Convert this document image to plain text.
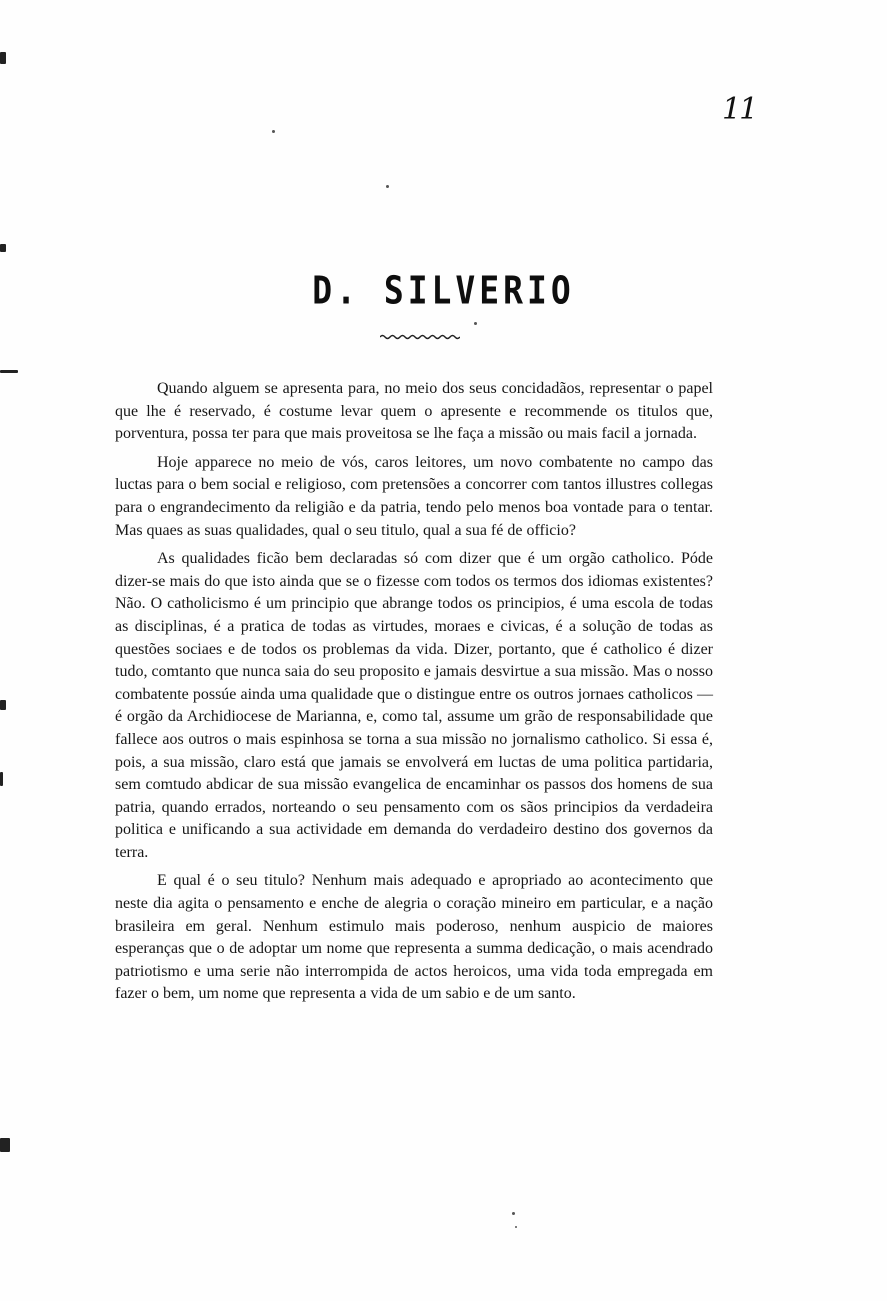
11
D. SILVERIO

Quando alguem se apresenta para, no meio dos seus concidadãos, representar o papel que lhe é reservado, é costume levar quem o apresente e recommende os titulos que, porventura, possa ter para que mais proveitosa se lhe faça a missão ou mais facil a jornada.

Hoje apparece no meio de vós, caros leitores, um novo combatente no campo das luctas para o bem social e religioso, com pretensões a concorrer com tantos illustres collegas para o engrandecimento da religião e da patria, tendo pelo menos boa vontade para o tentar. Mas quaes as suas qualidades, qual o seu titulo, qual a sua fé de officio?

As qualidades ficão bem declaradas só com dizer que é um orgão catholico. Póde dizer-se mais do que isto ainda que se o fizesse com todos os termos dos idiomas existentes? Não. O catholicismo é um principio que abrange todos os principios, é uma escola de todas as disciplinas, é a pratica de todas as virtudes, moraes e civicas, é a solução de todas as questões sociaes e de todos os problemas da vida. Dizer, portanto, que é catholico é dizer tudo, comtanto que nunca saia do seu proposito e jamais desvirtue a sua missão. Mas o nosso combatente possúe ainda uma qualidade que o distingue entre os outros jornaes catholicos — é orgão da Archidiocese de Marianna, e, como tal, assume um grão de responsabilidade que fallece aos outros o mais espinhosa se torna a sua missão no jornalismo catholico. Si essa é, pois, a sua missão, claro está que jamais se envolverá em luctas de uma politica partidaria, sem comtudo abdicar de sua missão evangelica de encaminhar os passos dos homens de sua patria, quando errados, norteando o seu pensamento com os sãos principios da verdadeira politica e unificando a sua actividade em demanda do verdadeiro destino dos governos da terra.

E qual é o seu titulo? Nenhum mais adequado e apropriado ao acontecimento que neste dia agita o pensamento e enche de alegria o coração mineiro em particular, e a nação brasileira em geral. Nenhum estimulo mais poderoso, nenhum auspicio de maiores esperanças que o de adoptar um nome que representa a summa dedicação, o mais acendrado patriotismo e uma serie não interrompida de actos heroicos, uma vida toda empregada em fazer o bem, um nome que representa a vida de um sabio e de um santo.
